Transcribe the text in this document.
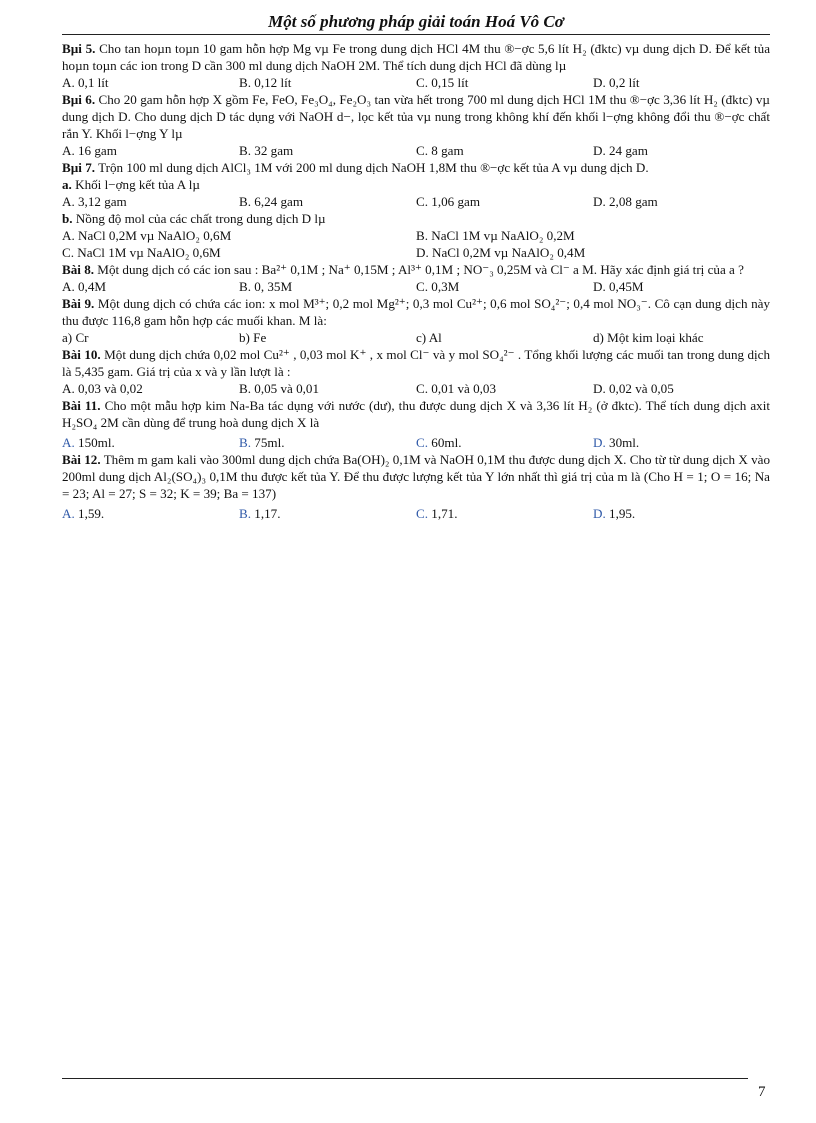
Một số phương pháp giải toán Hoá Vô Cơ

Bµi 5. Cho tan hoµn toµn 10 gam hỗn hợp Mg vµ Fe trong dung dịch HCl 4M thu ®−ợc 5,6 lít H₂ (đktc) vµ dung dịch D. Để kết tủa hoµn toµn các ion trong D cần 300 ml dung dịch NaOH 2M. Thể tích dung dịch HCl đã dùng lµ

A. 0,1 lít	B. 0,12 lít	C. 0,15 lít	D. 0,2 lít

Bµi 6. Cho 20 gam hỗn hợp X gồm Fe, FeO, Fe₃O₄, Fe₂O₃ tan vừa hết trong 700 ml dung dịch HCl 1M thu ®−ợc 3,36 lít H₂ (đktc) vµ dung dịch D. Cho dung dịch D tác dụng với NaOH d−, lọc kết tủa vµ nung trong không khí đến khối l−ợng không đổi thu ®−ợc chất rắn Y. Khối l−ợng Y lµ

A. 16 gam	B. 32 gam	C. 8 gam	D. 24 gam

Bµi 7. Trộn 100 ml dung dịch AlCl₃ 1M với 200 ml dung dịch NaOH 1,8M thu ®−ợc kết tủa A vµ dung dịch D.

a. Khối l−ợng kết tủa A lµ

A. 3,12 gam	B. 6,24 gam	C. 1,06 gam	D. 2,08 gam

b. Nồng độ mol của các chất trong dung dịch D lµ

A. NaCl 0,2M vµ NaAlO₂ 0,6M	B. NaCl 1M vµ NaAlO₂ 0,2M
C. NaCl 1M vµ NaAlO₂ 0,6M	D. NaCl 0,2M vµ NaAlO₂ 0,4M

Bài 8. Một dung dịch có các ion sau : Ba²⁺ 0,1M ; Na⁺ 0,15M ; Al³⁺ 0,1M ; NO⁻₃ 0,25M và Cl⁻ a M. Hãy xác định giá trị của a ?

A. 0,4M	B. 0, 35M	C. 0,3M	D. 0,45M

Bài 9. Một dung dịch có chứa các ion: x mol M³⁺; 0,2 mol Mg²⁺; 0,3 mol Cu²⁺; 0,6 mol SO₄²⁻; 0,4 mol NO₃⁻. Cô cạn dung dịch này thu được 116,8 gam hỗn hợp các muối khan. M là:

a) Cr	b) Fe	c) Al	d) Một kim loại khác

Bài 10. Một dung dịch chứa 0,02 mol Cu²⁺ , 0,03 mol K⁺ , x mol Cl⁻ và y mol SO₄²⁻ . Tổng khối lượng các muối tan trong dung dịch là 5,435 gam. Giá trị của x và y lần lượt là :

A. 0,03 và 0,02	B. 0,05 và 0,01	C. 0,01 và 0,03	D. 0,02 và 0,05

Bài 11. Cho một mẫu hợp kim Na-Ba tác dụng với nước (dư), thu được dung dịch X và 3,36 lít H₂ (ở đktc). Thể tích dung dịch axit H₂SO₄ 2M cần dùng để trung hoà dung dịch X là

A. 150ml.	B. 75ml.	C. 60ml.	D. 30ml.

Bài 12. Thêm m gam kali vào 300ml dung dịch chứa Ba(OH)₂ 0,1M và NaOH 0,1M thu được dung dịch X. Cho từ từ dung dịch X vào 200ml dung dịch Al₂(SO₄)₃ 0,1M thu được kết tủa Y. Để thu được lượng kết tủa Y lớn nhất thì giá trị của m là (Cho H = 1; O = 16; Na = 23; Al = 27; S = 32; K = 39; Ba = 137)

A. 1,59.	B. 1,17.	C. 1,71.	D. 1,95.
7
